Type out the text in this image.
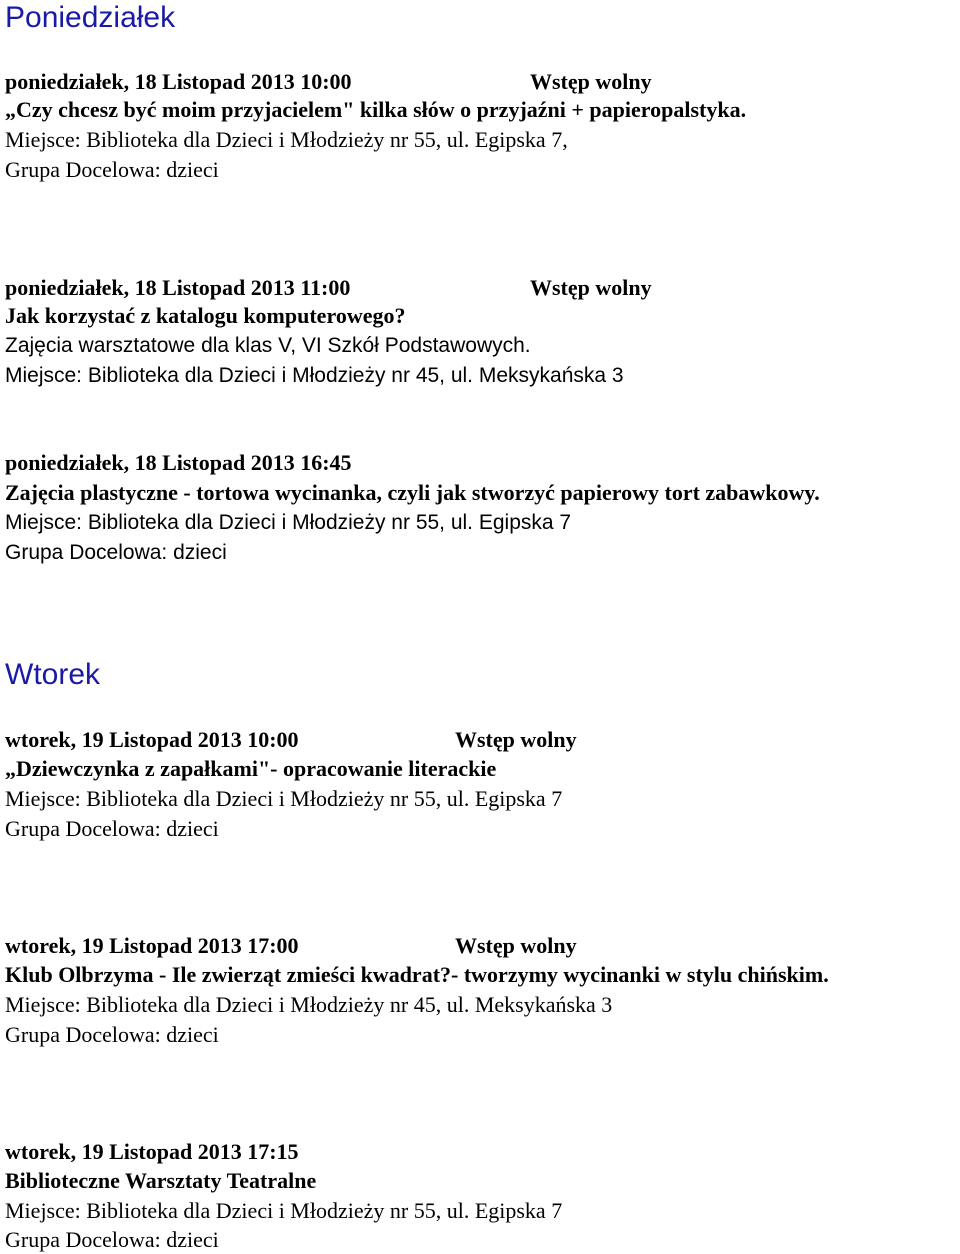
Poniedziałek
poniedziałek, 18 Listopad 2013 10:00	Wstęp wolny
„Czy chcesz być moim przyjacielem" kilka słów o przyjaźni + papieropalstyka.
Miejsce: Biblioteka dla Dzieci i Młodzieży nr 55, ul. Egipska 7,
Grupa Docelowa: dzieci
poniedziałek, 18 Listopad 2013 11:00	Wstęp wolny
Jak korzystać z katalogu komputerowego?
Zajęcia warsztatowe dla klas V, VI Szkół Podstawowych.
Miejsce: Biblioteka dla Dzieci i Młodzieży nr 45, ul. Meksykańska 3
poniedziałek, 18 Listopad 2013 16:45
Zajęcia plastyczne - tortowa wycinanka, czyli jak stworzyć papierowy tort zabawkowy.
Miejsce: Biblioteka dla Dzieci i Młodzieży nr 55, ul. Egipska 7
Grupa Docelowa: dzieci
Wtorek
wtorek, 19 Listopad 2013 10:00	Wstęp wolny
„Dziewczynka z zapałkami"- opracowanie literackie
Miejsce: Biblioteka dla Dzieci i Młodzieży nr 55, ul. Egipska 7
Grupa Docelowa: dzieci
wtorek, 19 Listopad 2013 17:00	Wstęp wolny
Klub Olbrzyma - Ile zwierząt zmieści kwadrat?- tworzymy wycinanki w stylu chińskim.
Miejsce: Biblioteka dla Dzieci i Młodzieży nr 45, ul. Meksykańska 3
Grupa Docelowa: dzieci
wtorek, 19 Listopad 2013 17:15
Biblioteczne Warsztaty Teatralne
Miejsce: Biblioteka dla Dzieci i Młodzieży nr 55, ul. Egipska 7
Grupa Docelowa: dzieci
